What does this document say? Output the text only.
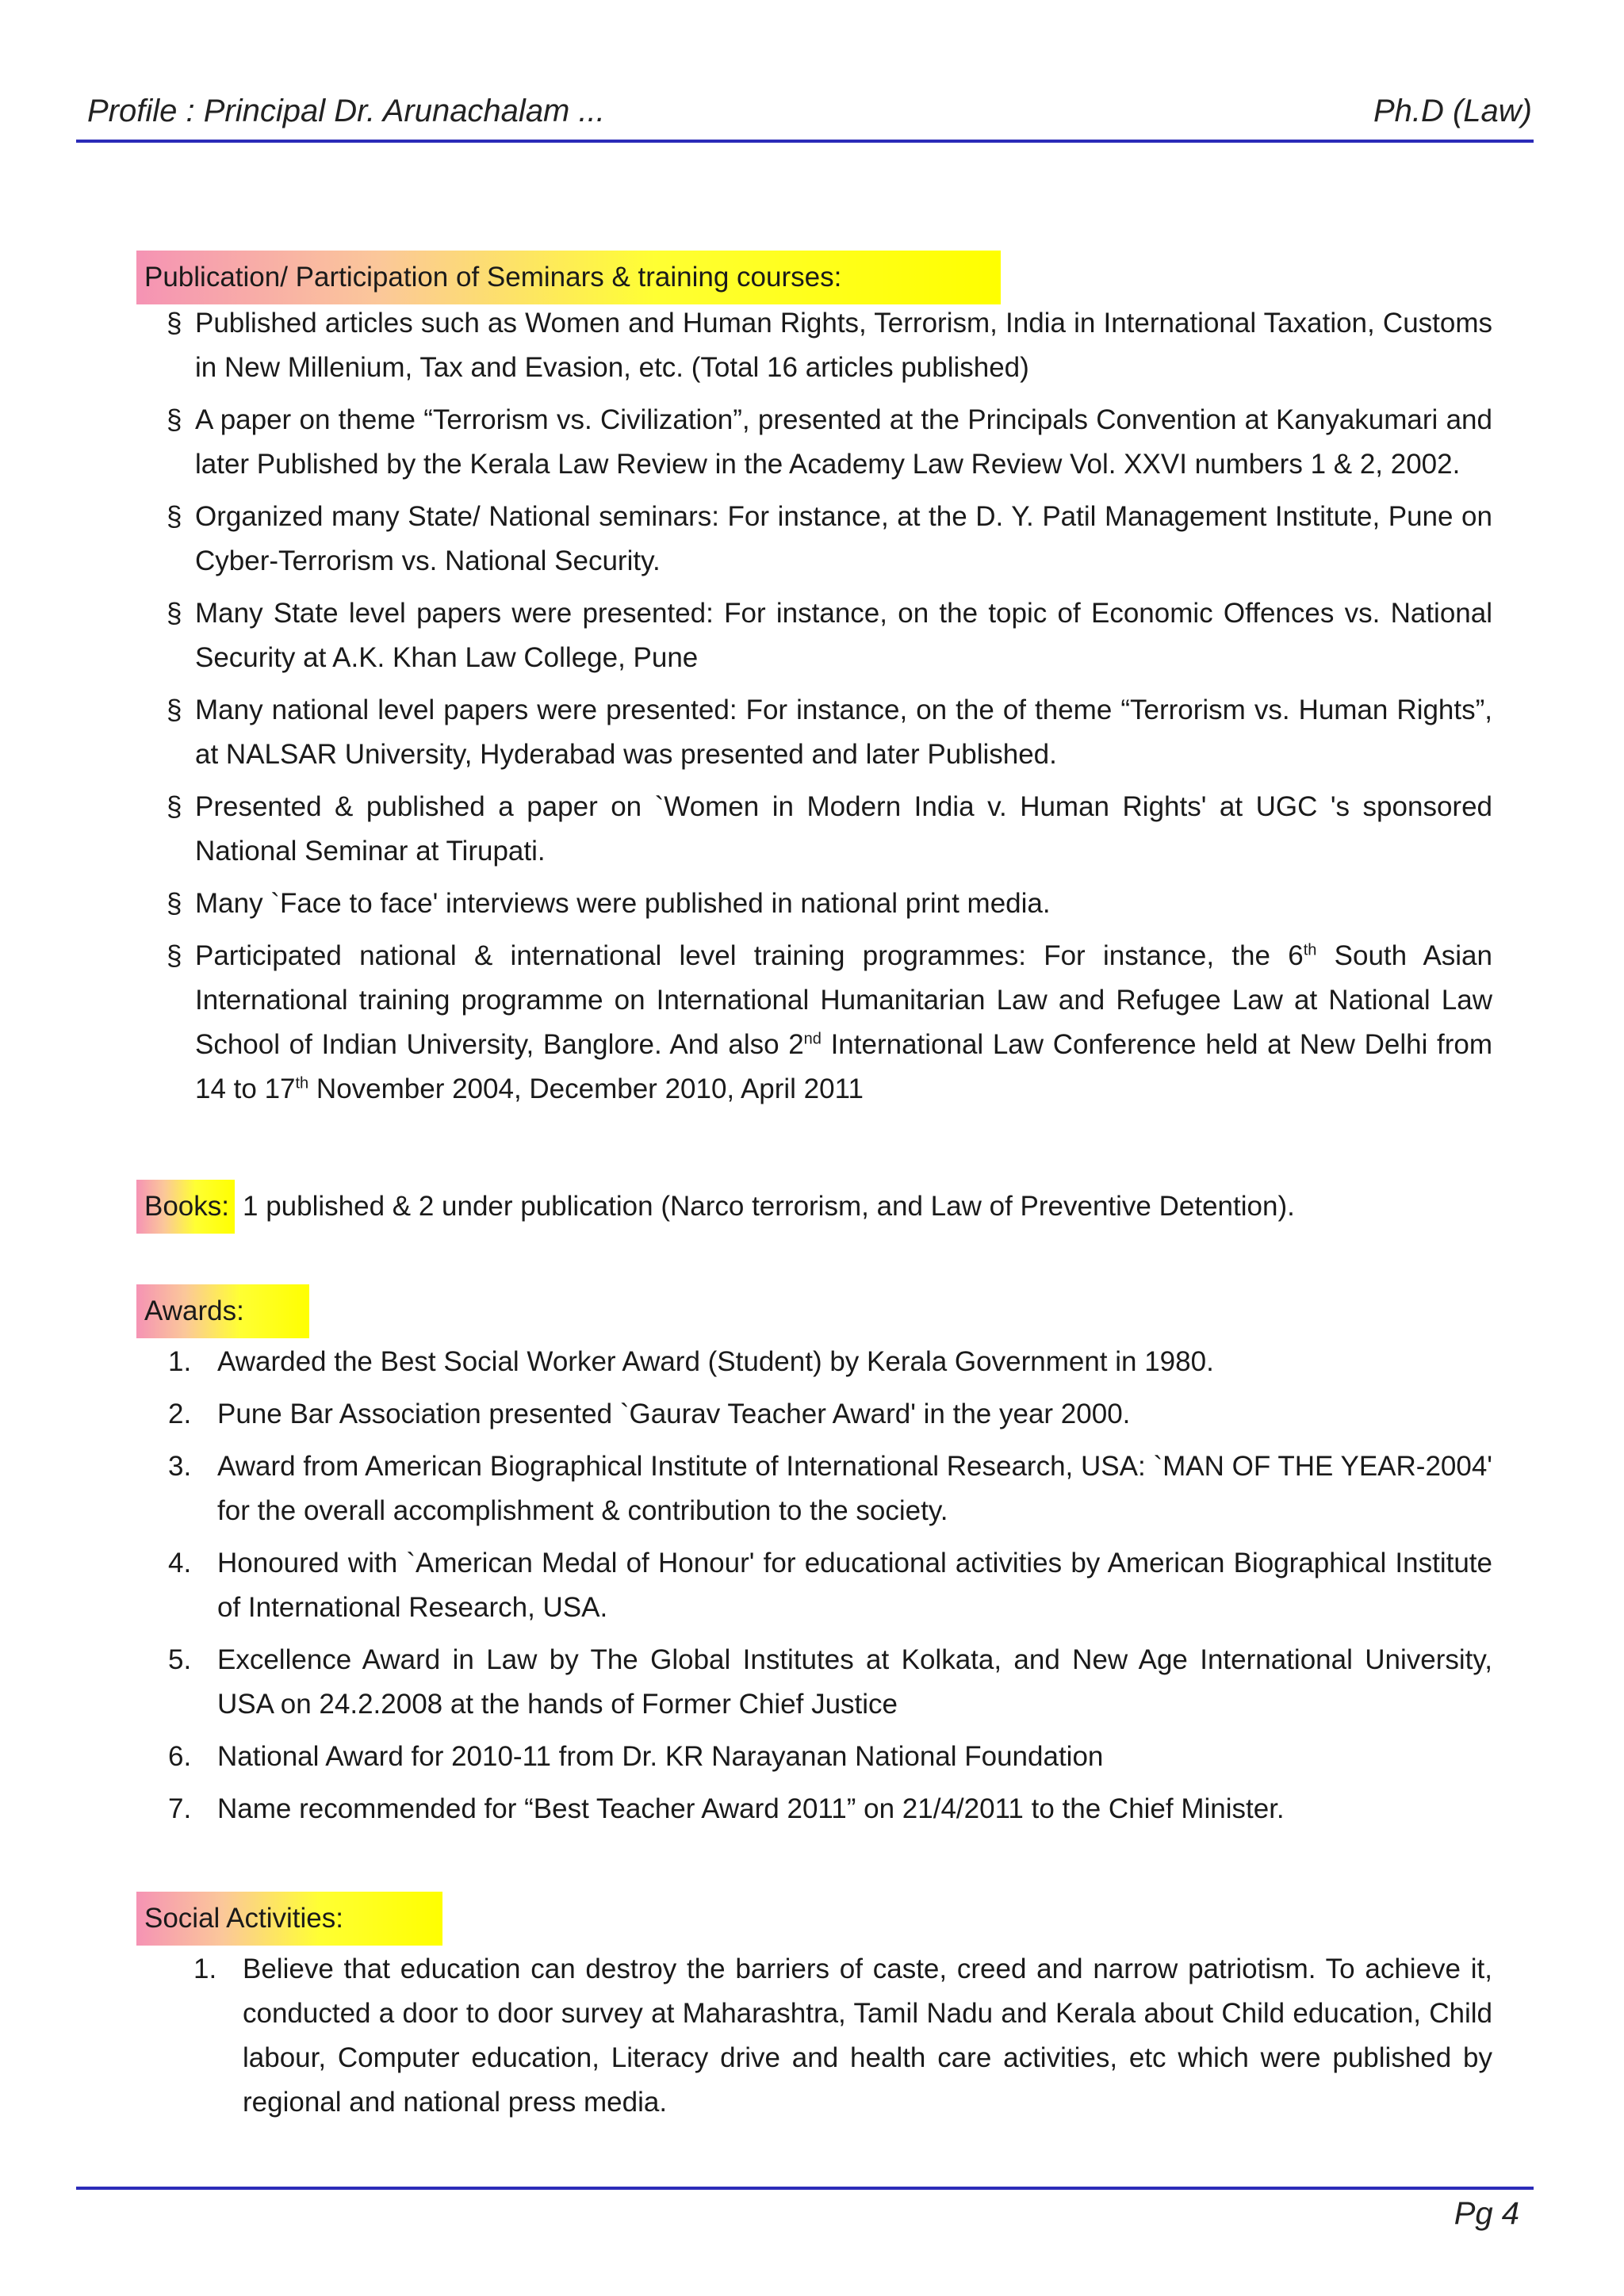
Profile : Principal Dr. Arunachalam ...	Ph.D (Law)
Publication/ Participation of Seminars & training courses:
§ Published articles such as Women and Human Rights, Terrorism, India in International Taxation, Customs in New Millenium, Tax and Evasion, etc. (Total 16 articles published)
§ A paper on theme “Terrorism vs. Civilization”, presented at the Principals Convention at Kanyakumari and later Published by the Kerala Law Review in the Academy Law Review Vol. XXVI numbers 1 & 2, 2002.
§ Organized many State/ National seminars: For instance, at the D. Y. Patil Management Institute, Pune on Cyber-Terrorism vs. National Security.
§ Many State level papers were presented: For instance, on the topic of Economic Offences vs. National Security at A.K. Khan Law College, Pune
§ Many national level papers were presented: For instance, on the of theme “Terrorism vs. Human Rights”, at NALSAR University, Hyderabad was presented and later Published.
§ Presented & published a paper on `Women in Modern India v. Human Rights' at UGC 's sponsored National Seminar at Tirupati.
§ Many `Face to face' interviews were published in national print media.
§ Participated national & international level training programmes: For instance, the 6th South Asian International training programme on International Humanitarian Law and Refugee Law at National Law School of Indian University, Banglore. And also 2nd International Law Conference held at New Delhi from 14 to 17th November 2004, December 2010, April 2011
Books: 1 published & 2 under publication (Narco terrorism, and Law of Preventive Detention).
Awards:
1. Awarded the Best Social Worker Award (Student) by Kerala Government in 1980.
2. Pune Bar Association presented `Gaurav Teacher Award' in the year 2000.
3. Award from American Biographical Institute of International Research, USA: `MAN OF THE YEAR-2004' for the overall accomplishment & contribution to the society.
4. Honoured with `American Medal of Honour' for educational activities by American Biographical Institute of International Research, USA.
5. Excellence Award in Law by The Global Institutes at Kolkata, and New Age International University, USA on 24.2.2008 at the hands of Former Chief Justice
6. National Award for 2010-11 from Dr. KR Narayanan National Foundation
7. Name recommended for “Best Teacher Award 2011” on 21/4/2011 to the Chief Minister.
Social Activities:
1. Believe that education can destroy the barriers of caste, creed and narrow patriotism. To achieve it, conducted a door to door survey at Maharashtra, Tamil Nadu and Kerala about Child education, Child labour, Computer education, Literacy drive and health care activities, etc which were published by regional and national press media.
Pg 4
